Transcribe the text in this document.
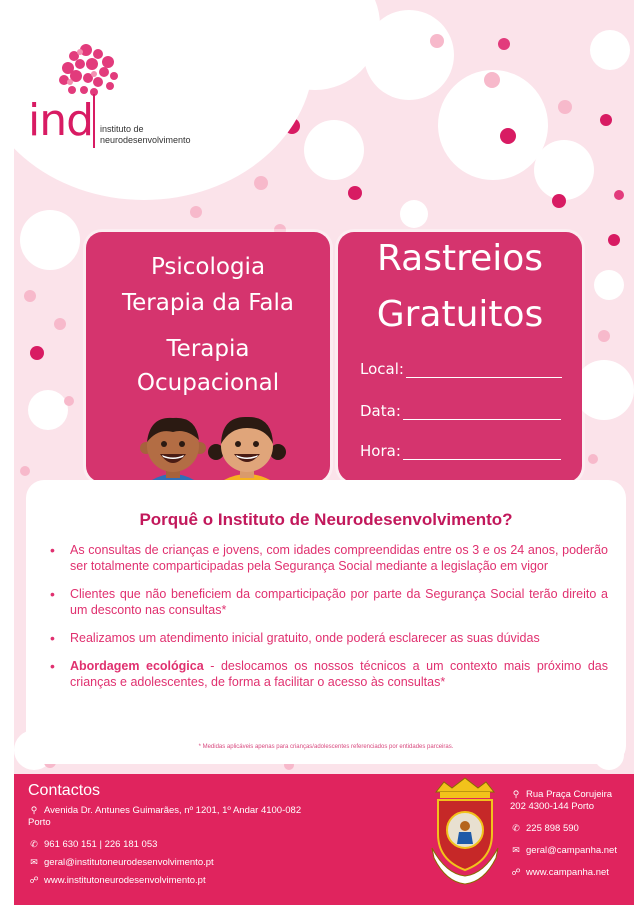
ind instituto de
neurodesenvolvimento
Psicologia
Terapia da Fala
Terapia
Ocupacional
Rastreios
Gratuitos
Local:
Data:
Hora:
Porquê o Instituto de Neurodesenvolvimento?
• As consultas de crianças e jovens, com idades compreendidas entre os 3 e os 24 anos, poderão ser totalmente comparticipadas pela Segurança Social mediante a legislação em vigor
• Clientes que não beneficiem da comparticipação por parte da Segurança Social terão direito a um desconto nas consultas*
• Realizamos um atendimento inicial gratuito, onde poderá esclarecer as suas dúvidas
• Abordagem ecológica - deslocamos os nossos técnicos a um contexto mais próximo das crianças e adolescentes, de forma a facilitar o acesso às consultas*
* Medidas aplicáveis apenas para crianças/adolescentes referenciados por entidades parceiras.
Contactos
⚲ Avenida Dr. Antunes Guimarães, nº 1201, 1º Andar 4100-082 Porto
✆ 961 630 151 | 226 181 053
✉ geral@institutoneurodesenvolvimento.pt
☍ www.institutoneurodesenvolvimento.pt
⚲ Rua Praça Corujeira 202 4300-144 Porto
✆ 225 898 590
✉ geral@campanha.net
☍ www.campanha.net
